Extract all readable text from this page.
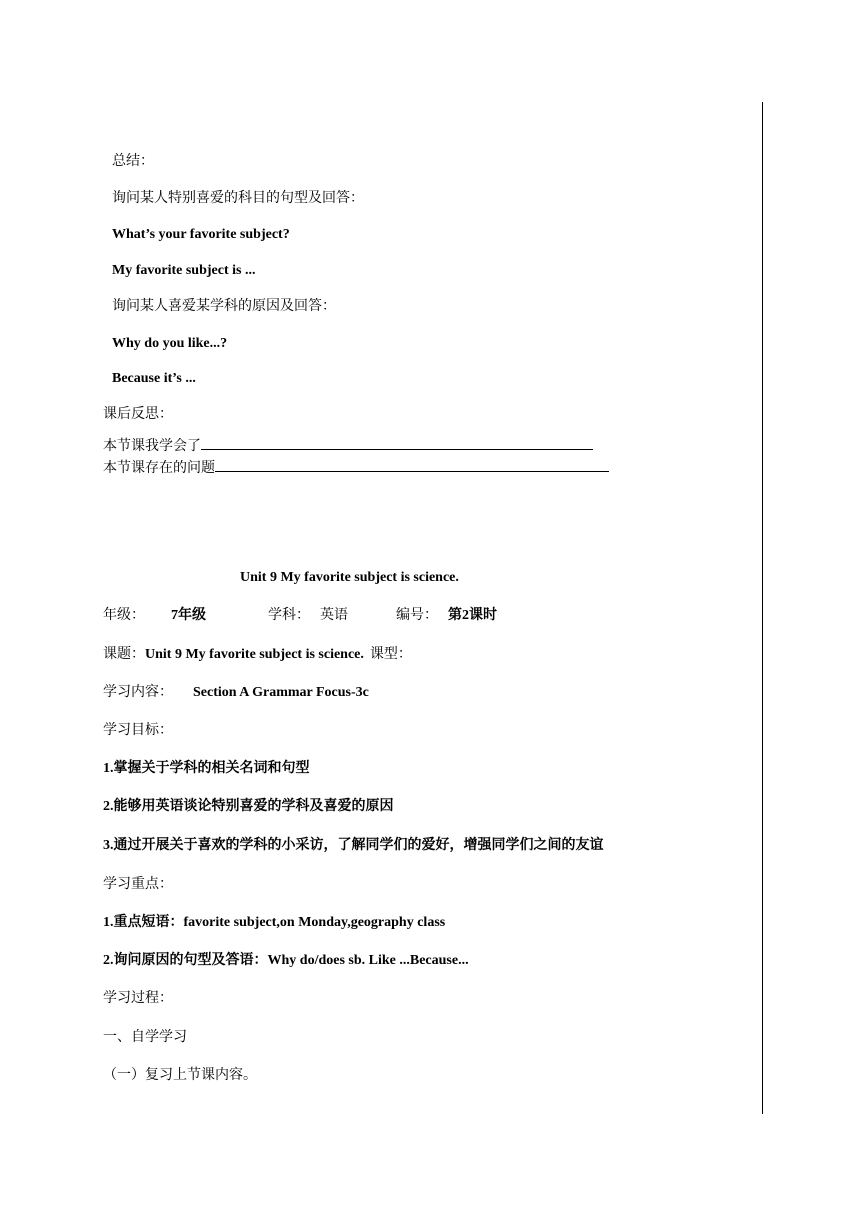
总结：
询问某人特别喜爱的科目的句型及回答：
What’s your favorite subject?
My favorite subject is ...
询问某人喜爱某学科的原因及回答：
Why do you like...?
Because it’s ...
课后反思：
本节课我学会了
本节课存在的问题
Unit 9 My favorite subject is science.
年级： 7年级	学科： 英语	编号： 第2课时
课题：Unit 9 My favorite subject is science. 课型：
学习内容： Section A Grammar Focus-3c
学习目标：
1.掌握关于学科的相关名词和句型
2.能够用英语谈论特别喜爱的学科及喜爱的原因
3.通过开展关于喜欢的学科的小采访，了解同学们的爱好，增强同学们之间的友谊
学习重点：
1.重点短语：favorite subject,on Monday,geography class
2.询问原因的句型及答语：Why do/does sb. Like ...Because...
学习过程：
一、自学学习
（一）复习上节课内容。
